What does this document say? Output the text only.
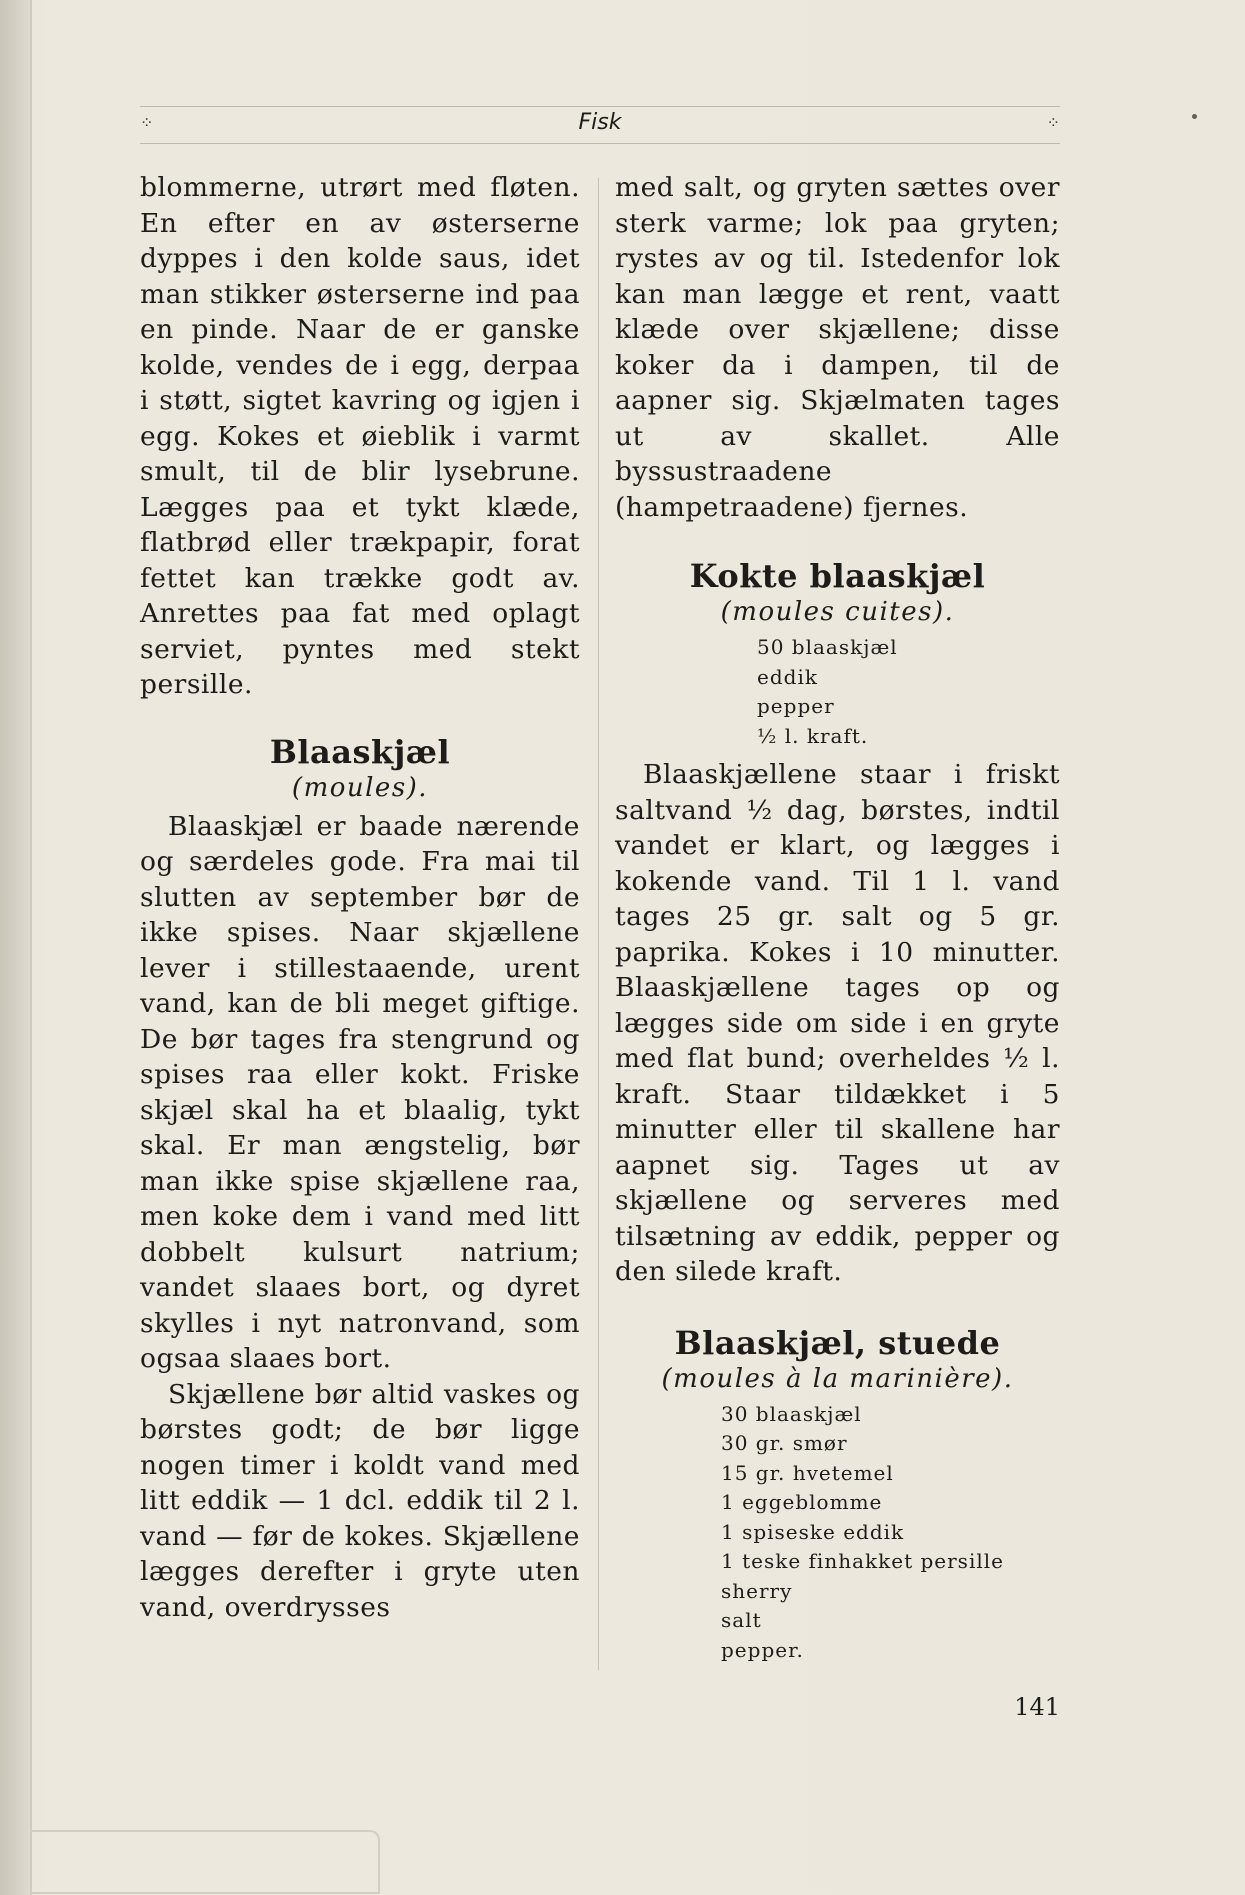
⁘	Fisk	⁘

blommerne, utrørt med fløten. En efter en av østerserne dyppes i den kolde saus, idet man stikker østerserne ind paa en pinde. Naar de er ganske kolde, vendes de i egg, derpaa i støtt, sigtet kavring og igjen i egg. Kokes et øieblik i varmt smult, til de blir lysebrune. Lægges paa et tykt klæde, flatbrød eller trækpapir, forat fettet kan trække godt av. Anrettes paa fat med oplagt serviet, pyntes med stekt persille.

Blaaskjæl
(moules).

Blaaskjæl er baade nærende og særdeles gode. Fra mai til slutten av september bør de ikke spises. Naar skjællene lever i stillestaaende, urent vand, kan de bli meget giftige. De bør tages fra stengrund og spises raa eller kokt. Friske skjæl skal ha et blaalig, tykt skal. Er man ængstelig, bør man ikke spise skjællene raa, men koke dem i vand med litt dobbelt kulsurt natrium; vandet slaaes bort, og dyret skylles i nyt natronvand, som ogsaa slaaes bort.

Skjællene bør altid vaskes og børstes godt; de bør ligge nogen timer i koldt vand med litt eddik — 1 dcl. eddik til 2 l. vand — før de kokes. Skjællene lægges derefter i gryte uten vand, overdrysses

med salt, og gryten sættes over sterk varme; lok paa gryten; rystes av og til. Istedenfor lok kan man lægge et rent, vaatt klæde over skjællene; disse koker da i dampen, til de aapner sig. Skjælmaten tages ut av skallet. Alle byssustraadene (hampetraadene) fjernes.

Kokte blaaskjæl
(moules cuites).
50 blaaskjæl
eddik
pepper
½ l. kraft.

Blaaskjællene staar i friskt saltvand ½ dag, børstes, indtil vandet er klart, og lægges i kokende vand. Til 1 l. vand tages 25 gr. salt og 5 gr. paprika. Kokes i 10 minutter. Blaaskjællene tages op og lægges side om side i en gryte med flat bund; overheldes ½ l. kraft. Staar tildækket i 5 minutter eller til skallene har aapnet sig. Tages ut av skjællene og serveres med tilsætning av eddik, pepper og den silede kraft.

Blaaskjæl, stuede
(moules à la marinière).
30 blaaskjæl
30 gr. smør
15 gr. hvetemel
1 eggeblomme
1 spiseske eddik
1 teske finhakket persille
sherry
salt
pepper.
141
